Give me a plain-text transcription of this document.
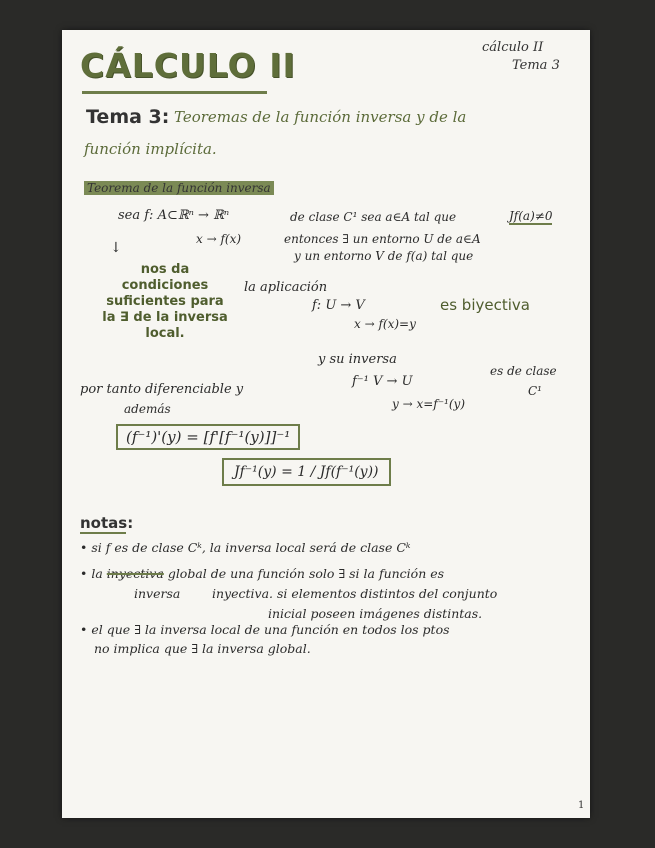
CÁLCULO II	cálculo II
Tema 3
Tema 3: Teoremas de la función inversa y de la
función implícita.
Teorema de la función inversa
sea f: A⊂ℝⁿ → ℝⁿ	de clase C¹ sea a∈A tal que	Jf(a)≠0
x → f(x)	entonces ∃ un entorno U de a∈A
y un entorno V de f(a) tal que
↓
nos da
condiciones
suficientes para
la ∃ de la inversa
local.
la aplicación
f: U → V
x → f(x)=y
es biyectiva
y su inversa
f⁻¹ V → U
y → x=f⁻¹(y)
es de clase
C¹
por tanto diferenciable y
además
(f⁻¹)'(y) = [f'[f⁻¹(y)]]⁻¹
Jf⁻¹(y) = 1 / Jf(f⁻¹(y))
notas:
• si f es de clase Cᵏ, la inversa local será de clase Cᵏ
• la inyectiva global de una función solo ∃ si la función es
inversa	inyectiva. si elementos distintos del conjunto
inicial poseen imágenes distintas.
• el que ∃ la inversa local de una función en todos los ptos
no implica que ∃ la inversa global.
1
